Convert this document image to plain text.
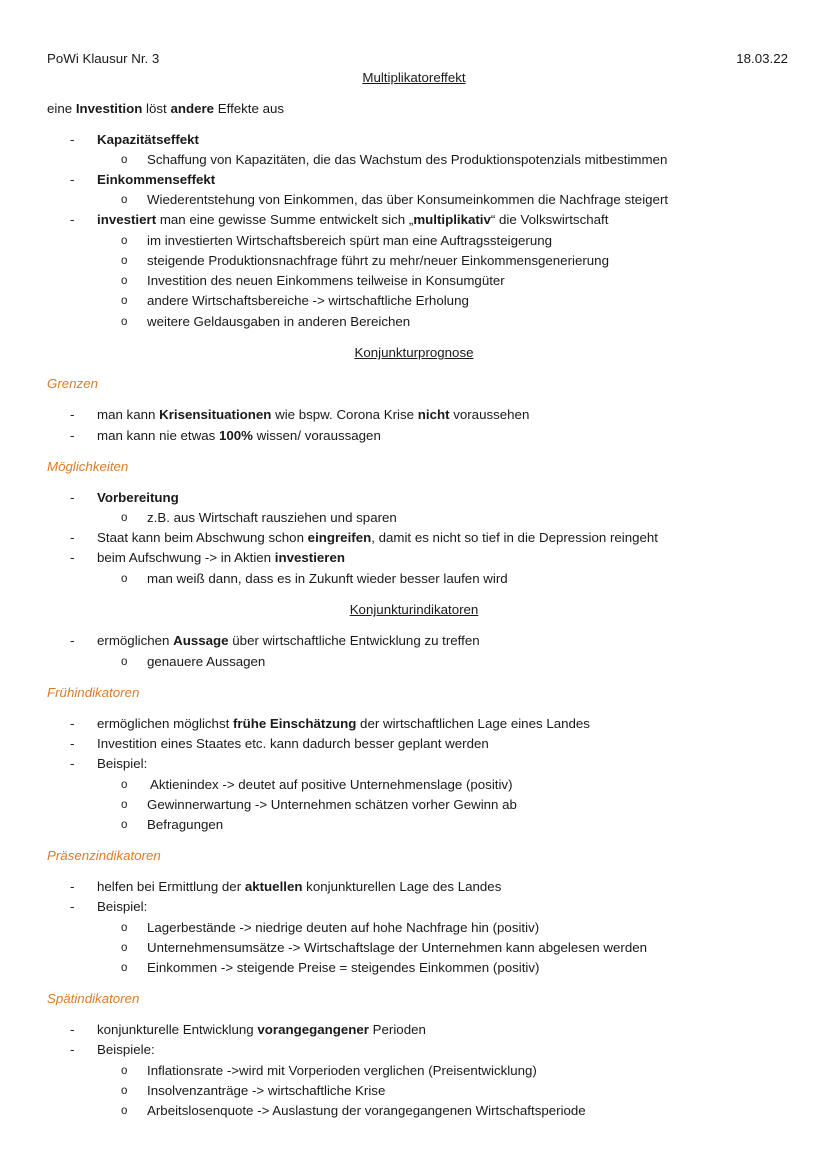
PoWi Klausur Nr. 3	18.03.22
Multiplikatoreffekt
eine Investition löst andere Effekte aus
- Kapazitätseffekt
o Schaffung von Kapazitäten, die das Wachstum des Produktionspotenzials mitbestimmen
- Einkommenseffekt
o Wiederentstehung von Einkommen, das über Konsumeinkommen die Nachfrage steigert
- investiert man eine gewisse Summe entwickelt sich „multiplikativ“ die Volkswirtschaft
o im investierten Wirtschaftsbereich spürt man eine Auftragssteigerung
o steigende Produktionsnachfrage führt zu mehr/neuer Einkommensgenerierung
o Investition des neuen Einkommens teilweise in Konsumgüter
o andere Wirtschaftsbereiche -> wirtschaftliche Erholung
o weitere Geldausgaben in anderen Bereichen
Konjunkturprognose
Grenzen
- man kann Krisensituationen wie bspw. Corona Krise nicht voraussehen
- man kann nie etwas 100% wissen/ voraussagen
Möglichkeiten
- Vorbereitung
o z.B. aus Wirtschaft rausziehen und sparen
- Staat kann beim Abschwung schon eingreifen, damit es nicht so tief in die Depression reingeht
- beim Aufschwung -> in Aktien investieren
o man weiß dann, dass es in Zukunft wieder besser laufen wird
Konjunkturindikatoren
- ermöglichen Aussage über wirtschaftliche Entwicklung zu treffen
o genauere Aussagen
Frühindikatoren
- ermöglichen möglichst frühe Einschätzung der wirtschaftlichen Lage eines Landes
- Investition eines Staates etc. kann dadurch besser geplant werden
- Beispiel:
o Aktienindex -> deutet auf positive Unternehmenslage (positiv)
o Gewinnerwartung -> Unternehmen schätzen vorher Gewinn ab
o Befragungen
Präsenzindikatoren
- helfen bei Ermittlung der aktuellen konjunkturellen Lage des Landes
- Beispiel:
o Lagerbestände -> niedrige deuten auf hohe Nachfrage hin (positiv)
o Unternehmensumsätze -> Wirtschaftslage der Unternehmen kann abgelesen werden
o Einkommen -> steigende Preise = steigendes Einkommen (positiv)
Spätindikatoren
- konjunkturelle Entwicklung vorangegangener Perioden
- Beispiele:
o Inflationsrate ->wird mit Vorperioden verglichen (Preisentwicklung)
o Insolvenzanträge -> wirtschaftliche Krise
o Arbeitslosenquote -> Auslastung der vorangegangenen Wirtschaftsperiode
